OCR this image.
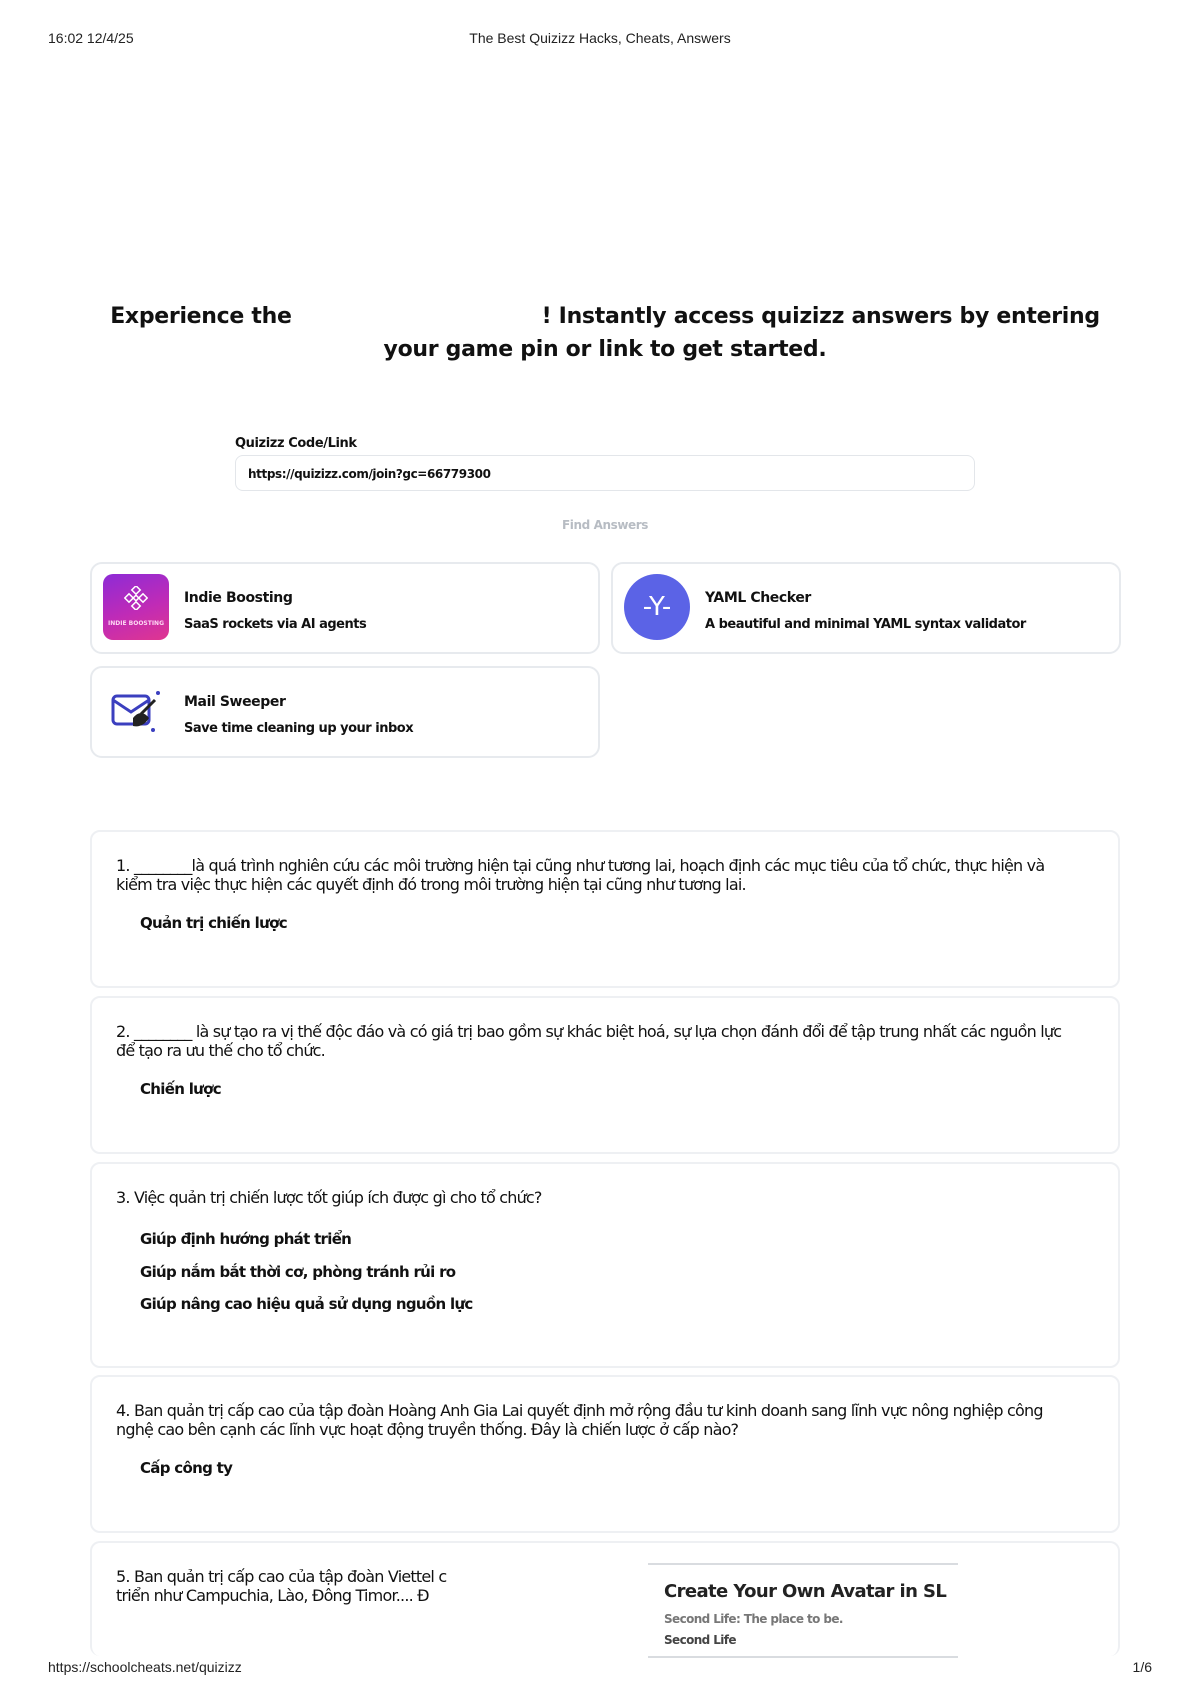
16:02 12/4/25	The Best Quizizz Hacks, Cheats, Answers
Experience the	! Instantly access quizizz answers by entering your game pin or link to get started.
Quizizz Code/Link
https://quizizz.com/join?gc=66779300
Find Answers
INDIE BOOSTING
Indie Boosting
SaaS rockets via AI agents
-Y-	YAML Checker
A beautiful and minimal YAML syntax validator
Mail Sweeper
Save time cleaning up your inbox
1. ________là quá trình nghiên cứu các môi trường hiện tại cũng như tương lai, hoạch định các mục tiêu của tổ chức, thực hiện và kiểm tra việc thực hiện các quyết định đó trong môi trường hiện tại cũng như tương lai.
Quản trị chiến lược
2. ________ là sự tạo ra vị thế độc đáo và có giá trị bao gồm sự khác biệt hoá, sự lựa chọn đánh đổi để tập trung nhất các nguồn lực để tạo ra ưu thế cho tổ chức.
Chiến lược
3. Việc quản trị chiến lược tốt giúp ích được gì cho tổ chức?
Giúp định hướng phát triển
Giúp nắm bắt thời cơ, phòng tránh rủi ro
Giúp nâng cao hiệu quả sử dụng nguồn lực
4. Ban quản trị cấp cao của tập đoàn Hoàng Anh Gia Lai quyết định mở rộng đầu tư kinh doanh sang lĩnh vực nông nghiệp công nghệ cao bên cạnh các lĩnh vực hoạt động truyền thống. Đây là chiến lược ở cấp nào?
Cấp công ty
5. Ban quản trị cấp cao của tập đoàn Viettel c
triển như Campuchia, Lào, Đông Timor.... Đ	Create Your Own Avatar in SL
Second Life: The place to be.
Second Life
https://schoolcheats.net/quizizz	1/6
